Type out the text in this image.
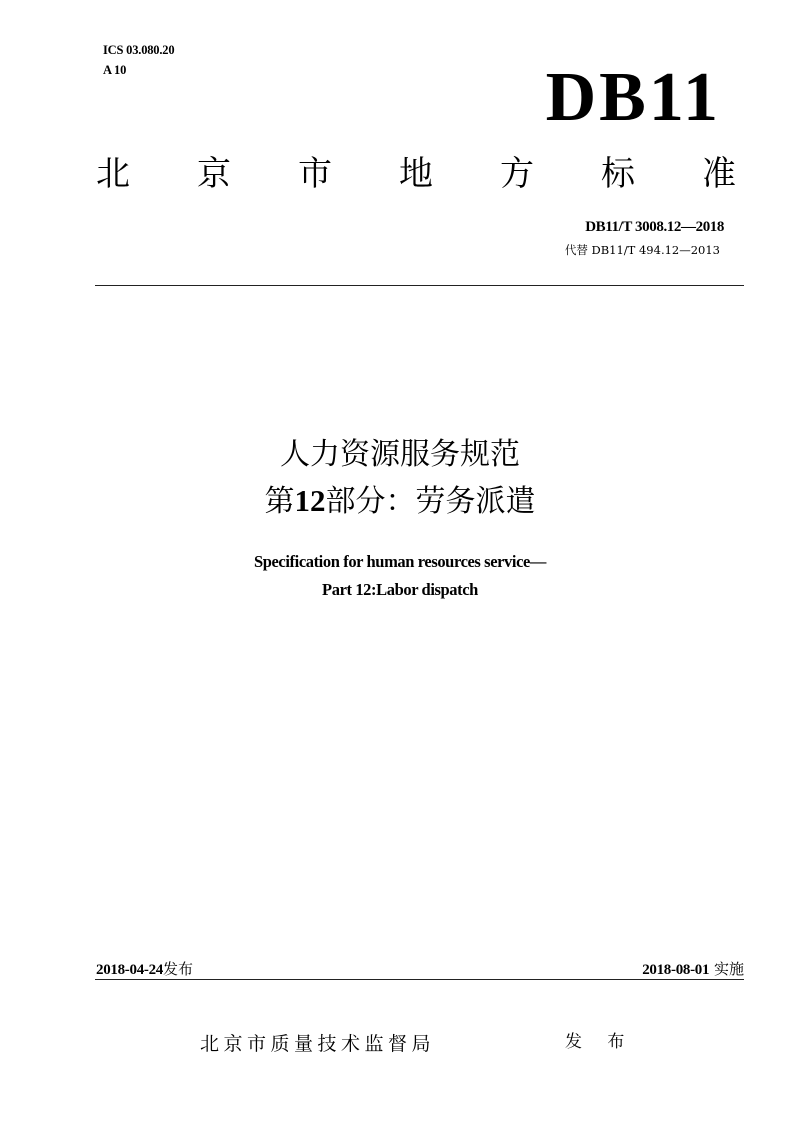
ICS 03.080.20
A 10	DB11
北 京 市 地 方 标 准
DB11/T 3008.12—2018
代替 DB11/T 494.12—2013
人力资源服务规范
第12部分：劳务派遣
Specification for human resources service—
Part 12:Labor dispatch
2018-04-24发布	2018-08-01 实施
北京市质量技术监督局	发 布
